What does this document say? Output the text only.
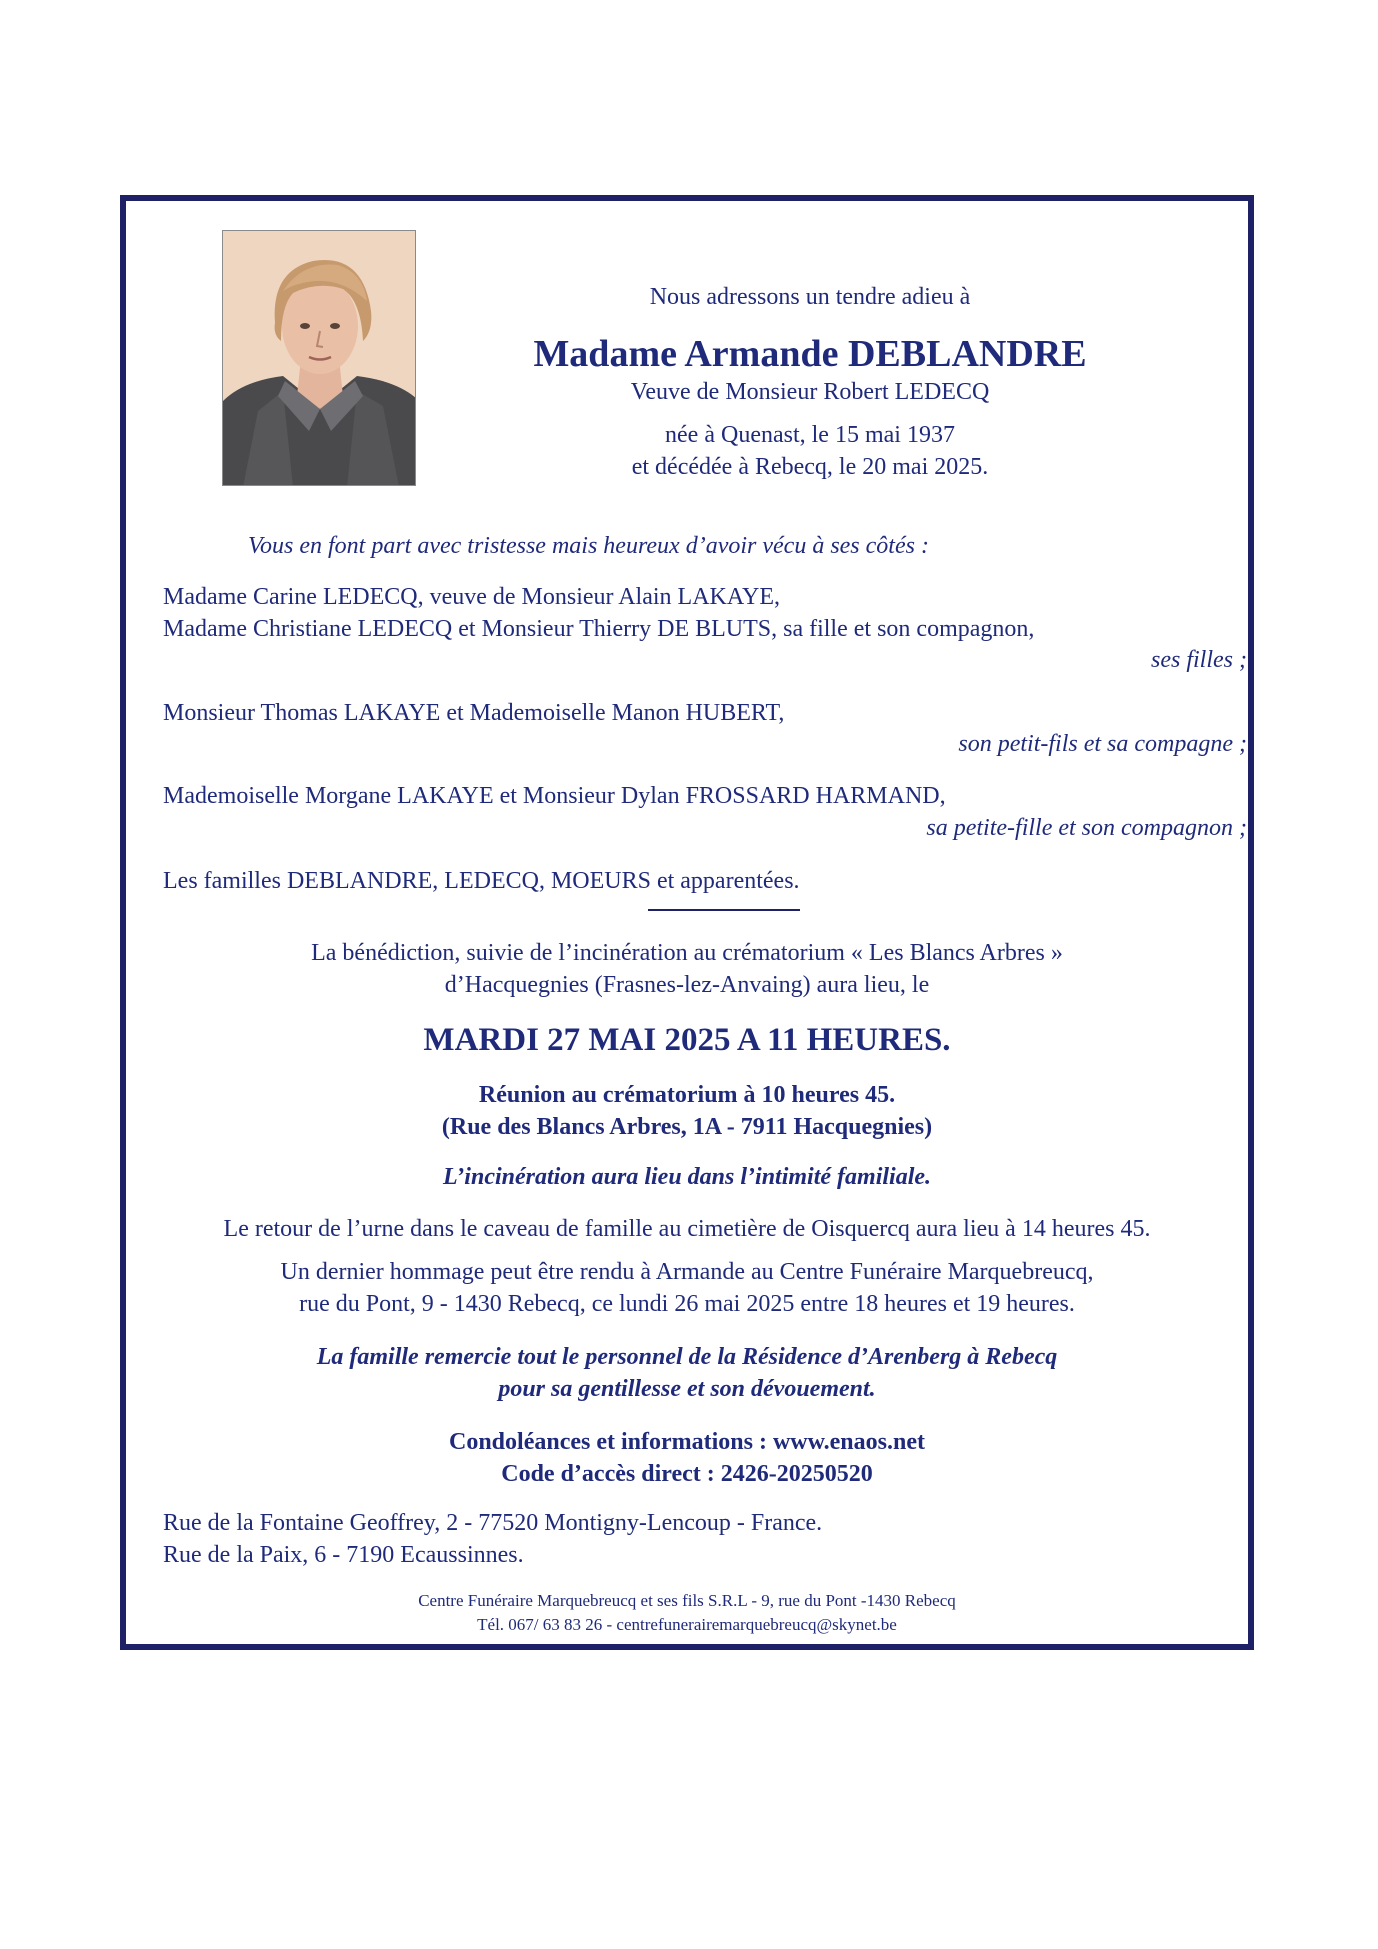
Nous adressons un tendre adieu à
Madame Armande DEBLANDRE
Veuve de Monsieur Robert LEDECQ
née à Quenast, le 15 mai 1937
et décédée à Rebecq, le 20 mai 2025.
Vous en font part avec tristesse mais heureux d’avoir vécu à ses côtés :
Madame Carine LEDECQ, veuve de Monsieur Alain LAKAYE,
Madame Christiane LEDECQ et Monsieur Thierry DE BLUTS, sa fille et son compagnon,
ses filles ;
Monsieur Thomas LAKAYE et Mademoiselle Manon HUBERT,
son petit-fils et sa compagne ;
Mademoiselle Morgane LAKAYE et Monsieur Dylan FROSSARD HARMAND,
sa petite-fille et son compagnon ;
Les familles DEBLANDRE, LEDECQ, MOEURS et apparentées.
La bénédiction, suivie de l’incinération au crématorium « Les Blancs Arbres »
d’Hacquegnies (Frasnes-lez-Anvaing) aura lieu, le
MARDI 27 MAI 2025 A 11 HEURES.
Réunion au crématorium à 10 heures 45.
(Rue des Blancs Arbres, 1A - 7911 Hacquegnies)
L’incinération aura lieu dans l’intimité familiale.
Le retour de l’urne dans le caveau de famille au cimetière de Oisquercq aura lieu à 14 heures 45.
Un dernier hommage peut être rendu à Armande au Centre Funéraire Marquebreucq,
rue du Pont, 9 - 1430 Rebecq, ce lundi 26 mai 2025 entre 18 heures et 19 heures.
La famille remercie tout le personnel de la Résidence d’Arenberg à Rebecq
pour sa gentillesse et son dévouement.
Condoléances et informations : www.enaos.net
Code d’accès direct : 2426-20250520
Rue de la Fontaine Geoffrey, 2 - 77520 Montigny-Lencoup - France.
Rue de la Paix, 6 - 7190 Ecaussinnes.
Centre Funéraire Marquebreucq et ses fils S.R.L - 9, rue du Pont -1430 Rebecq
Tél. 067/ 63 83 26 - centrefunerairemarquebreucq@skynet.be
